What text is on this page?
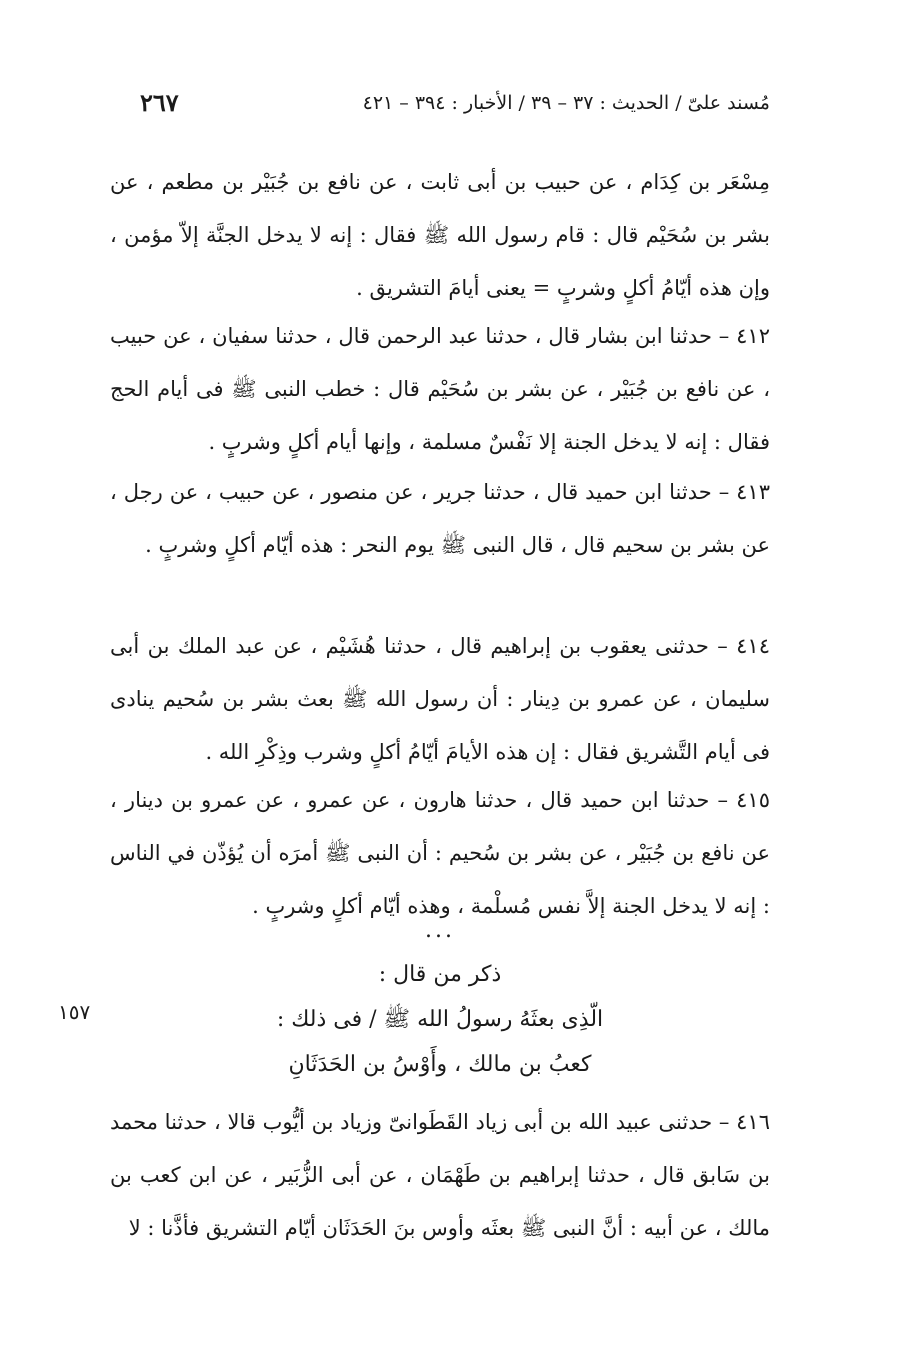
مُسند علىّ / الحديث : ٣٧ – ٣٩ / الأخبار : ٣٩٤ – ٤٢١
٢٦٧

مِسْعَر بن كِدَام ، عن حبيب بن أبى ثابت ، عن نافع بن جُبَيْر بن مطعم ، عن بشر بن سُحَيْم قال : قام رسول الله ﷺ فقال : إنه لا يدخل الجنَّة إلاّ مؤمن ، وإن هذه أيّامُ أكلٍ وشربٍ = يعنى أيامَ التشريق .

٤١٢ – حدثنا ابن بشار قال ، حدثنا عبد الرحمن قال ، حدثنا سفيان ، عن حبيب ، عن نافع بن جُبَيْر ، عن بشر بن سُحَيْم قال : خطب النبى ﷺ فى أيام الحج فقال : إنه لا يدخل الجنة إلا نَفْسٌ مسلمة ، وإنها أيام أكلٍ وشربٍ .

٤١٣ – حدثنا ابن حميد قال ، حدثنا جرير ، عن منصور ، عن حبيب ، عن رجل ، عن بشر بن سحيم قال ، قال النبى ﷺ يوم النحر : هذه أيّام أكلٍ وشربٍ .

٤١٤ – حدثنى يعقوب بن إبراهيم قال ، حدثنا هُشَيْم ، عن عبد الملك بن أبى سليمان ، عن عمرو بن دِينار : أن رسول الله ﷺ بعث بشر بن سُحيم ينادى فى أيام التَّشريق فقال : إن هذه الأيامَ أيّامُ أكلٍ وشرب وذِكْرِ الله .

٤١٥ – حدثنا ابن حميد قال ، حدثنا هارون ، عن عمرو ، عن عمرو بن دينار ، عن نافع بن جُبَيْر ، عن بشر بن سُحيم : أن النبى ﷺ أمرَه أن يُؤذّن في الناس : إنه لا يدخل الجنة إلاَّ نفس مُسلْمة ، وهذه أيّام أكلٍ وشربٍ .

...
ذكر من قال :
الّذِى بعثَهُ رسولُ الله ﷺ / فى ذلك :
كعبُ بن مالك ، وأَوْسُ بن الحَدَثَانِ
١٥٧

٤١٦ – حدثنى عبيد الله بن أبى زياد القَطَوانىّ وزياد بن أيُّوب قالا ، حدثنا محمد بن سَابق قال ، حدثنا إبراهيم بن طَهْمَان ، عن أبى الزُّبَير ، عن ابن كعب بن مالك ، عن أبيه : أنَّ النبى ﷺ بعثَه وأوس بنَ الحَدَثَان أيّام التشريق فأذَّنا : لا
